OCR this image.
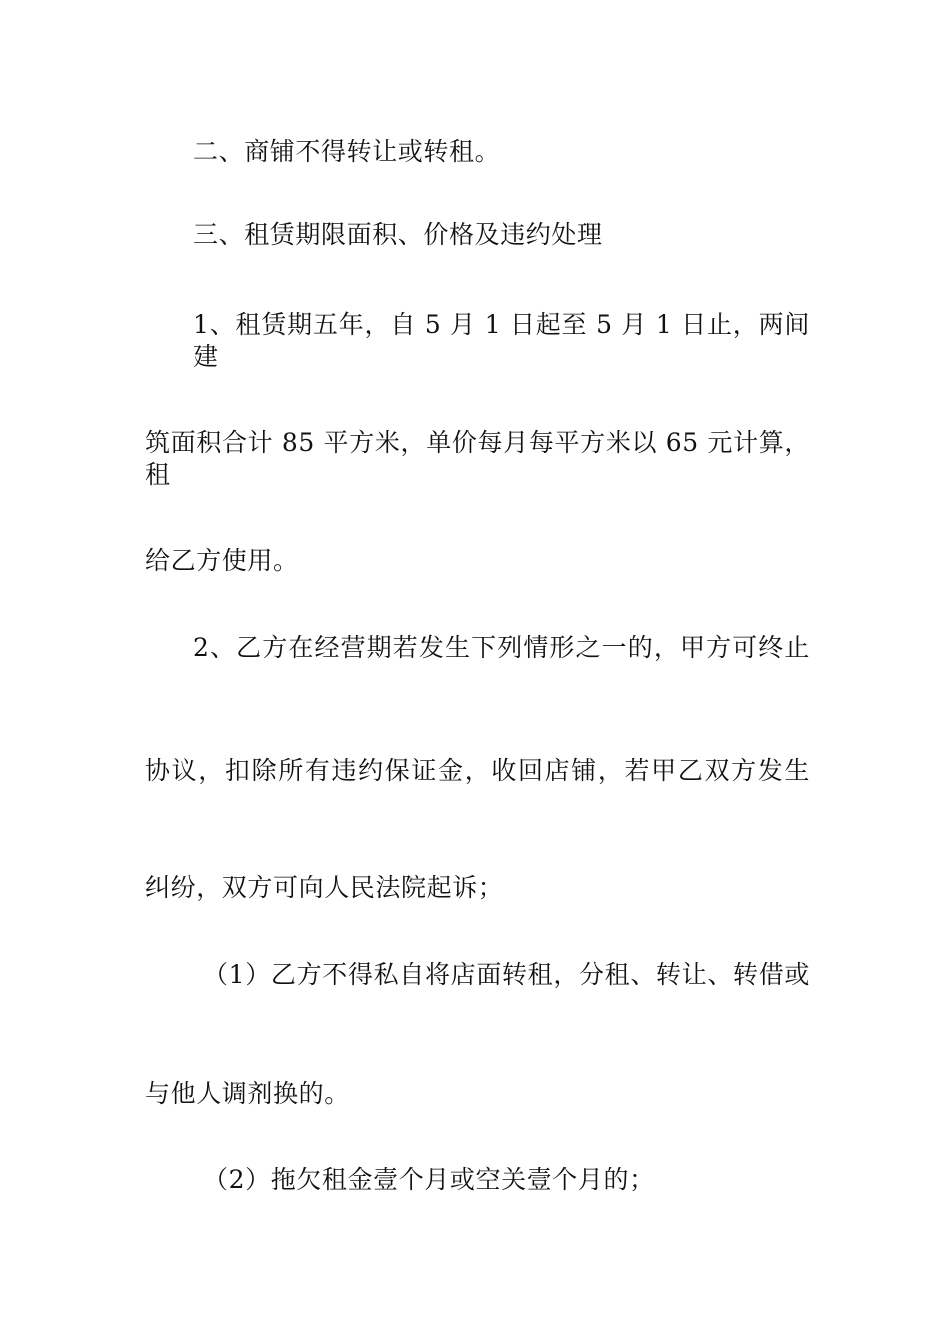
二、商铺不得转让或转租。
三、租赁期限面积、价格及违约处理
1、租赁期五年，自 5 月 1 日起至 5 月 1 日止，两间建
筑面积合计 85 平方米，单价每月每平方米以 65 元计算，租
给乙方使用。
2、乙方在经营期若发生下列情形之一的，甲方可终止
协议，扣除所有违约保证金，收回店铺，若甲乙双方发生
纠纷，双方可向人民法院起诉；
（1）乙方不得私自将店面转租，分租、转让、转借或
与他人调剂换的。
（2）拖欠租金壹个月或空关壹个月的；
